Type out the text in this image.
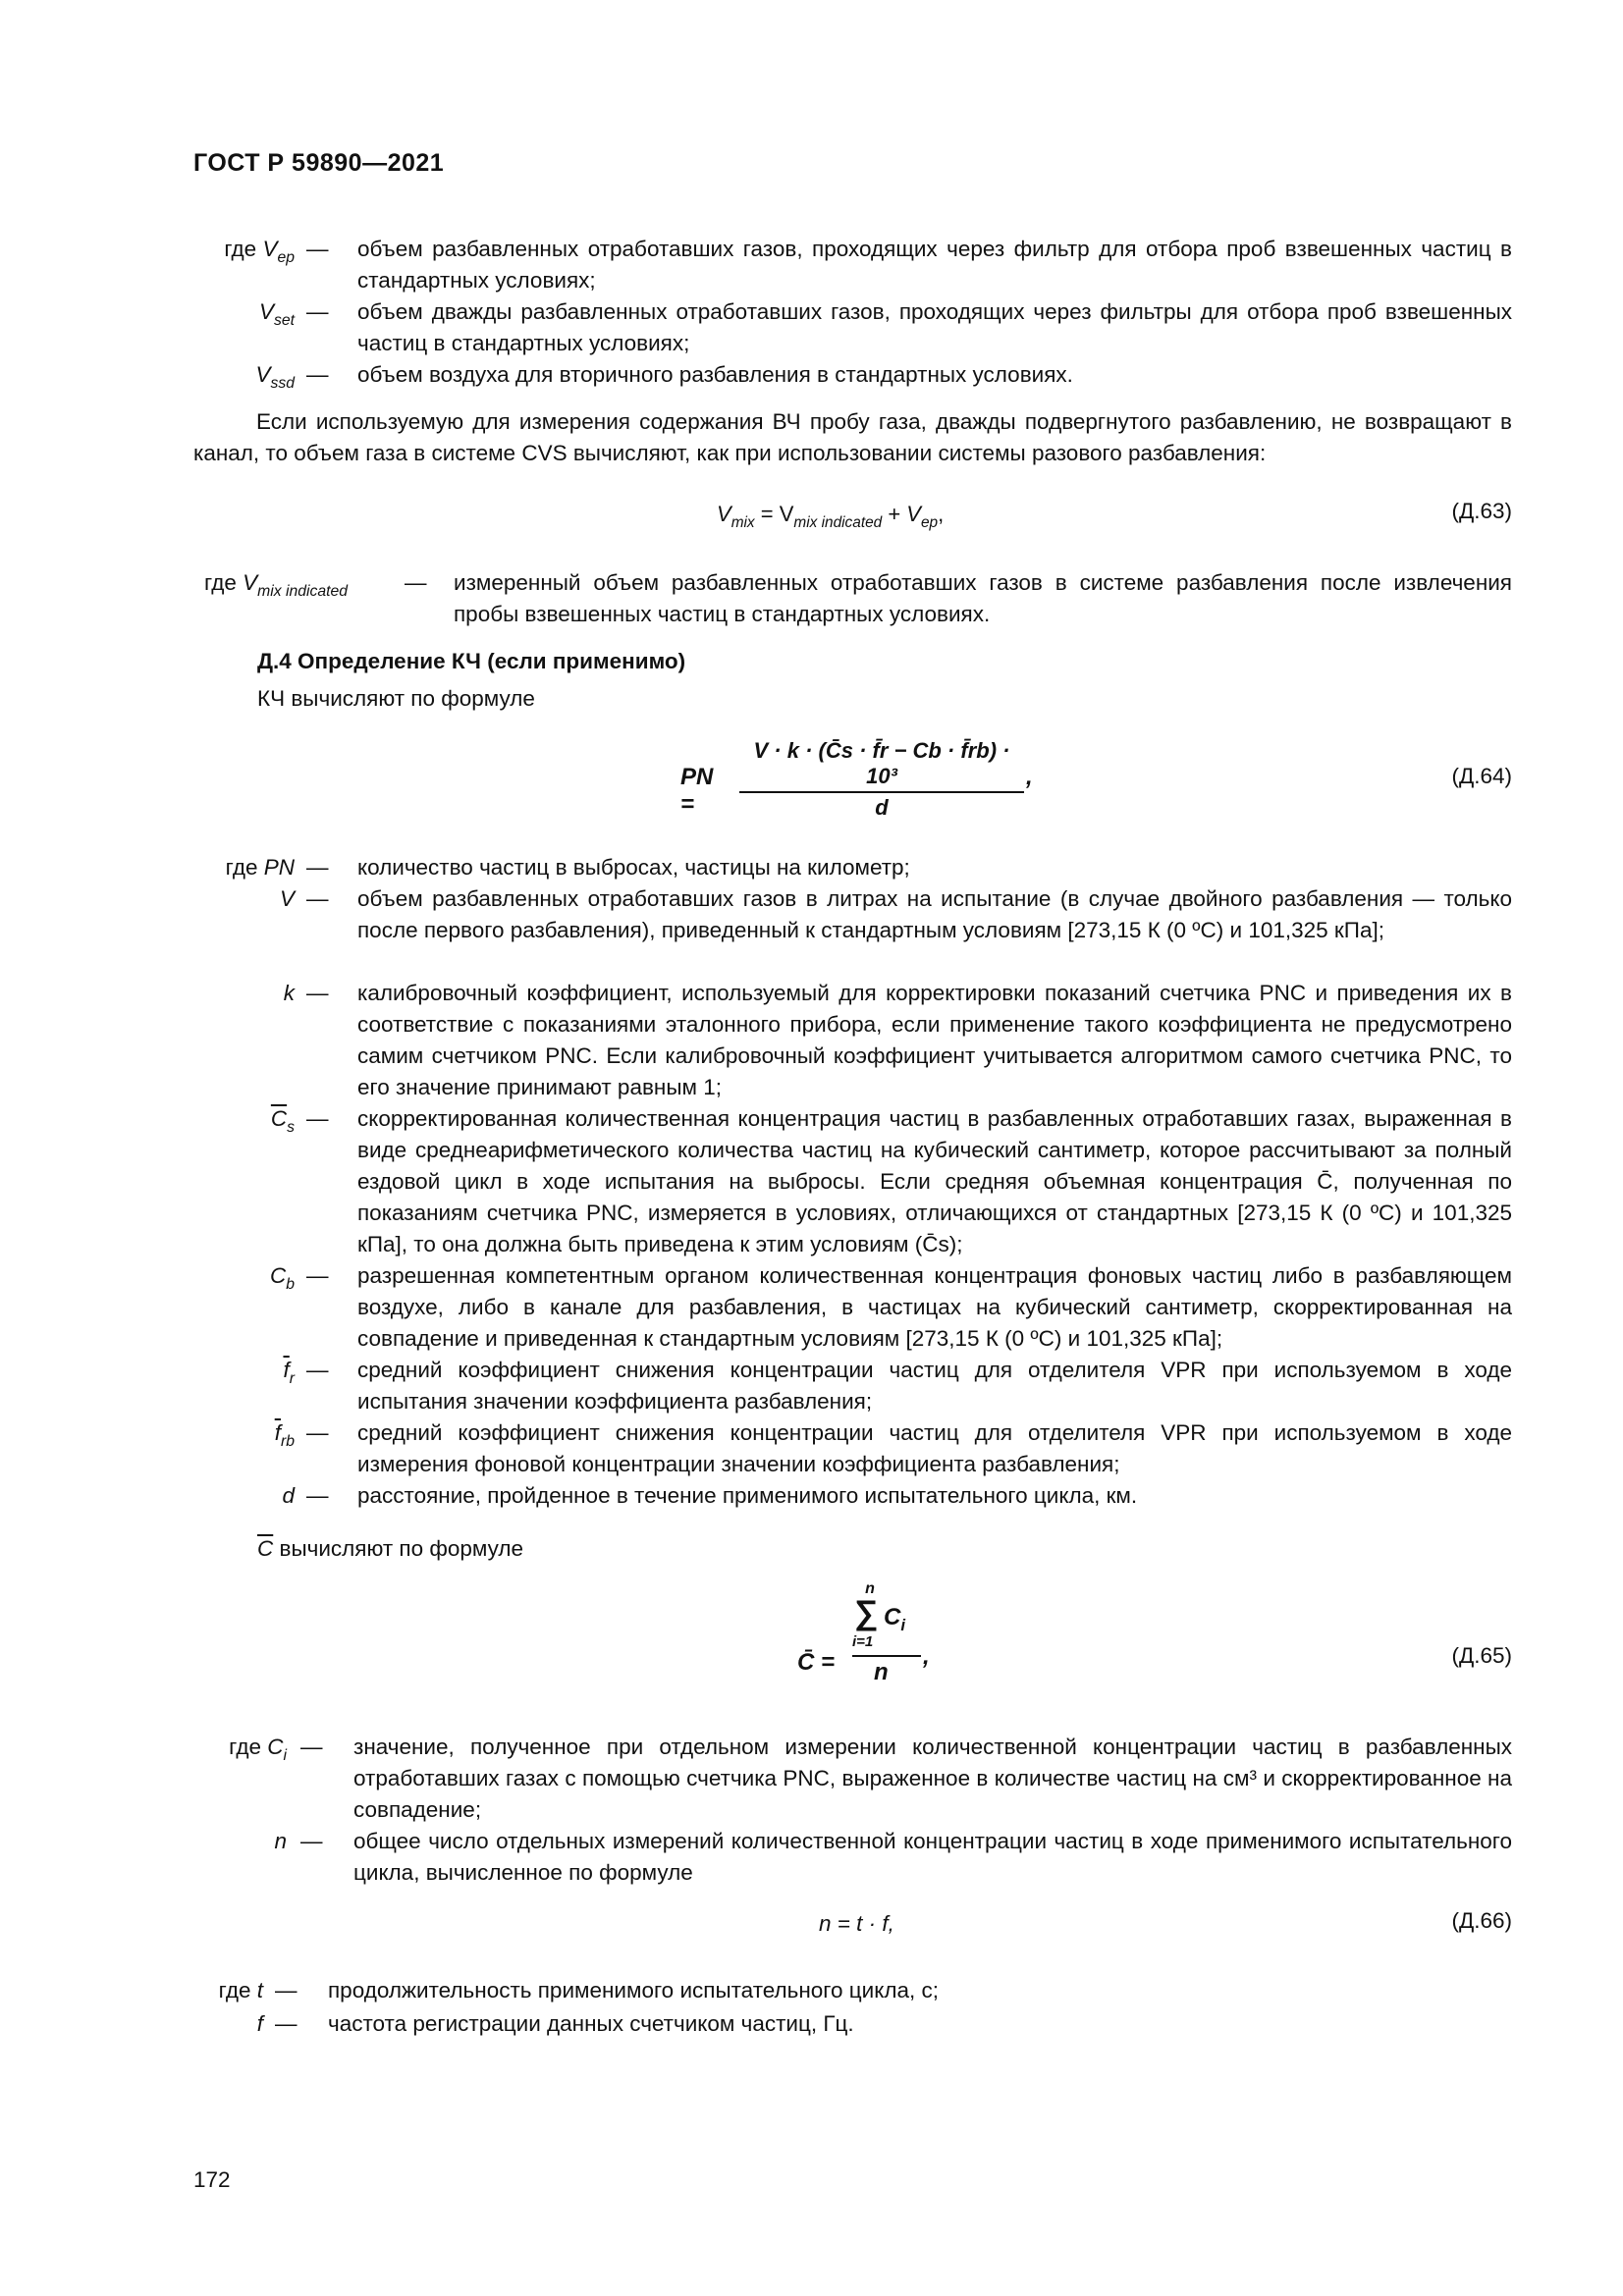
ГОСТ Р 59890—2021
где $V_{ep}$ — объем разбавленных отработавших газов, проходящих через фильтр для отбора проб взвешенных частиц в стандартных условиях;
$V_{set}$ — объем дважды разбавленных отработавших газов, проходящих через фильтры для отбора проб взвешенных частиц в стандартных условиях;
$V_{ssd}$ — объем воздуха для вторичного разбавления в стандартных условиях.
Если используемую для измерения содержания ВЧ пробу газа, дважды подвергнутого разбавлению, не возвращают в канал, то объем газа в системе CVS вычисляют, как при использовании системы разового разбавления:
$V_{mix} = V_{mix indicated} + V_{ep}$,	(Д.63)
где $V_{mix indicated}$	— измеренный объем разбавленных отработавших газов в системе разбавления после извлечения пробы взвешенных частиц в стандартных условиях.
Д.4 Определение КЧ (если применимо)
КЧ вычисляют по формуле
PN =	$\frac{\text{V · k · (C̄s · f̄r − Cb · f̄rb) · 10³}}{d}$ ,	(Д.64)
где PN — количество частиц в выбросах, частицы на километр;
V — объем разбавленных отработавших газов в литрах на испытание (в случае двойного разбавления — только после первого разбавления), приведенный к стандартным условиям [273,15 К (0 ºС) и 101,325 кПа];
k — калибровочный коэффициент, используемый для корректировки показаний счетчика PNC и приведения их в соответствие с показаниями эталонного прибора, если применение такого коэффициента не предусмотрено самим счетчиком PNC. Если калибровочный коэффициент учитывается алгоритмом самого счетчика PNC, то его значение принимают равным 1;
$\overline{C}_s$ — скорректированная количественная концентрация частиц в разбавленных отработавших газах, выраженная в виде среднеарифметического количества частиц на кубический сантиметр, которое рассчитывают за полный ездовой цикл в ходе испытания на выбросы. Если средняя объемная концентрация C̄, полученная по показаниям счетчика PNC, измеряется в условиях, отличающихся от стандартных [273,15 К (0 ºС) и 101,325 кПа], то она должна быть приведена к этим условиям (C̄s);
$C_b$ — разрешенная компетентным органом количественная концентрация фоновых частиц либо в разбавляющем воздухе, либо в канале для разбавления, в частицах на кубический сантиметр, скорректированная на совпадение и приведенная к стандартным условиям [273,15 К (0 ºС) и 101,325 кПа];
$\overline{f}_r$ — средний коэффициент снижения концентрации частиц для отделителя VPR при используемом в ходе испытания значении коэффициента разбавления;
$\overline{f}_{rb}$ — средний коэффициент снижения концентрации частиц для отделителя VPR при используемом в ходе измерения фоновой концентрации значении коэффициента разбавления;
d — расстояние, пройденное в течение применимого испытательного цикла, км.
$\overline{C}$ вычисляют по формуле
C̄ =
n
∑ $C_i$
i=1
n
,	(Д.65)
где $C_i$ — значение, полученное при отдельном измерении количественной концентрации частиц в разбавленных отработавших газах с помощью счетчика PNC, выраженное в количестве частиц на см³ и скорректированное на совпадение;
n — общее число отдельных измерений количественной концентрации частиц в ходе применимого испытательного цикла, вычисленное по формуле
n = t · f,	(Д.66)
где t — продолжительность применимого испытательного цикла, с;
f — частота регистрации данных счетчиком частиц, Гц.
172
